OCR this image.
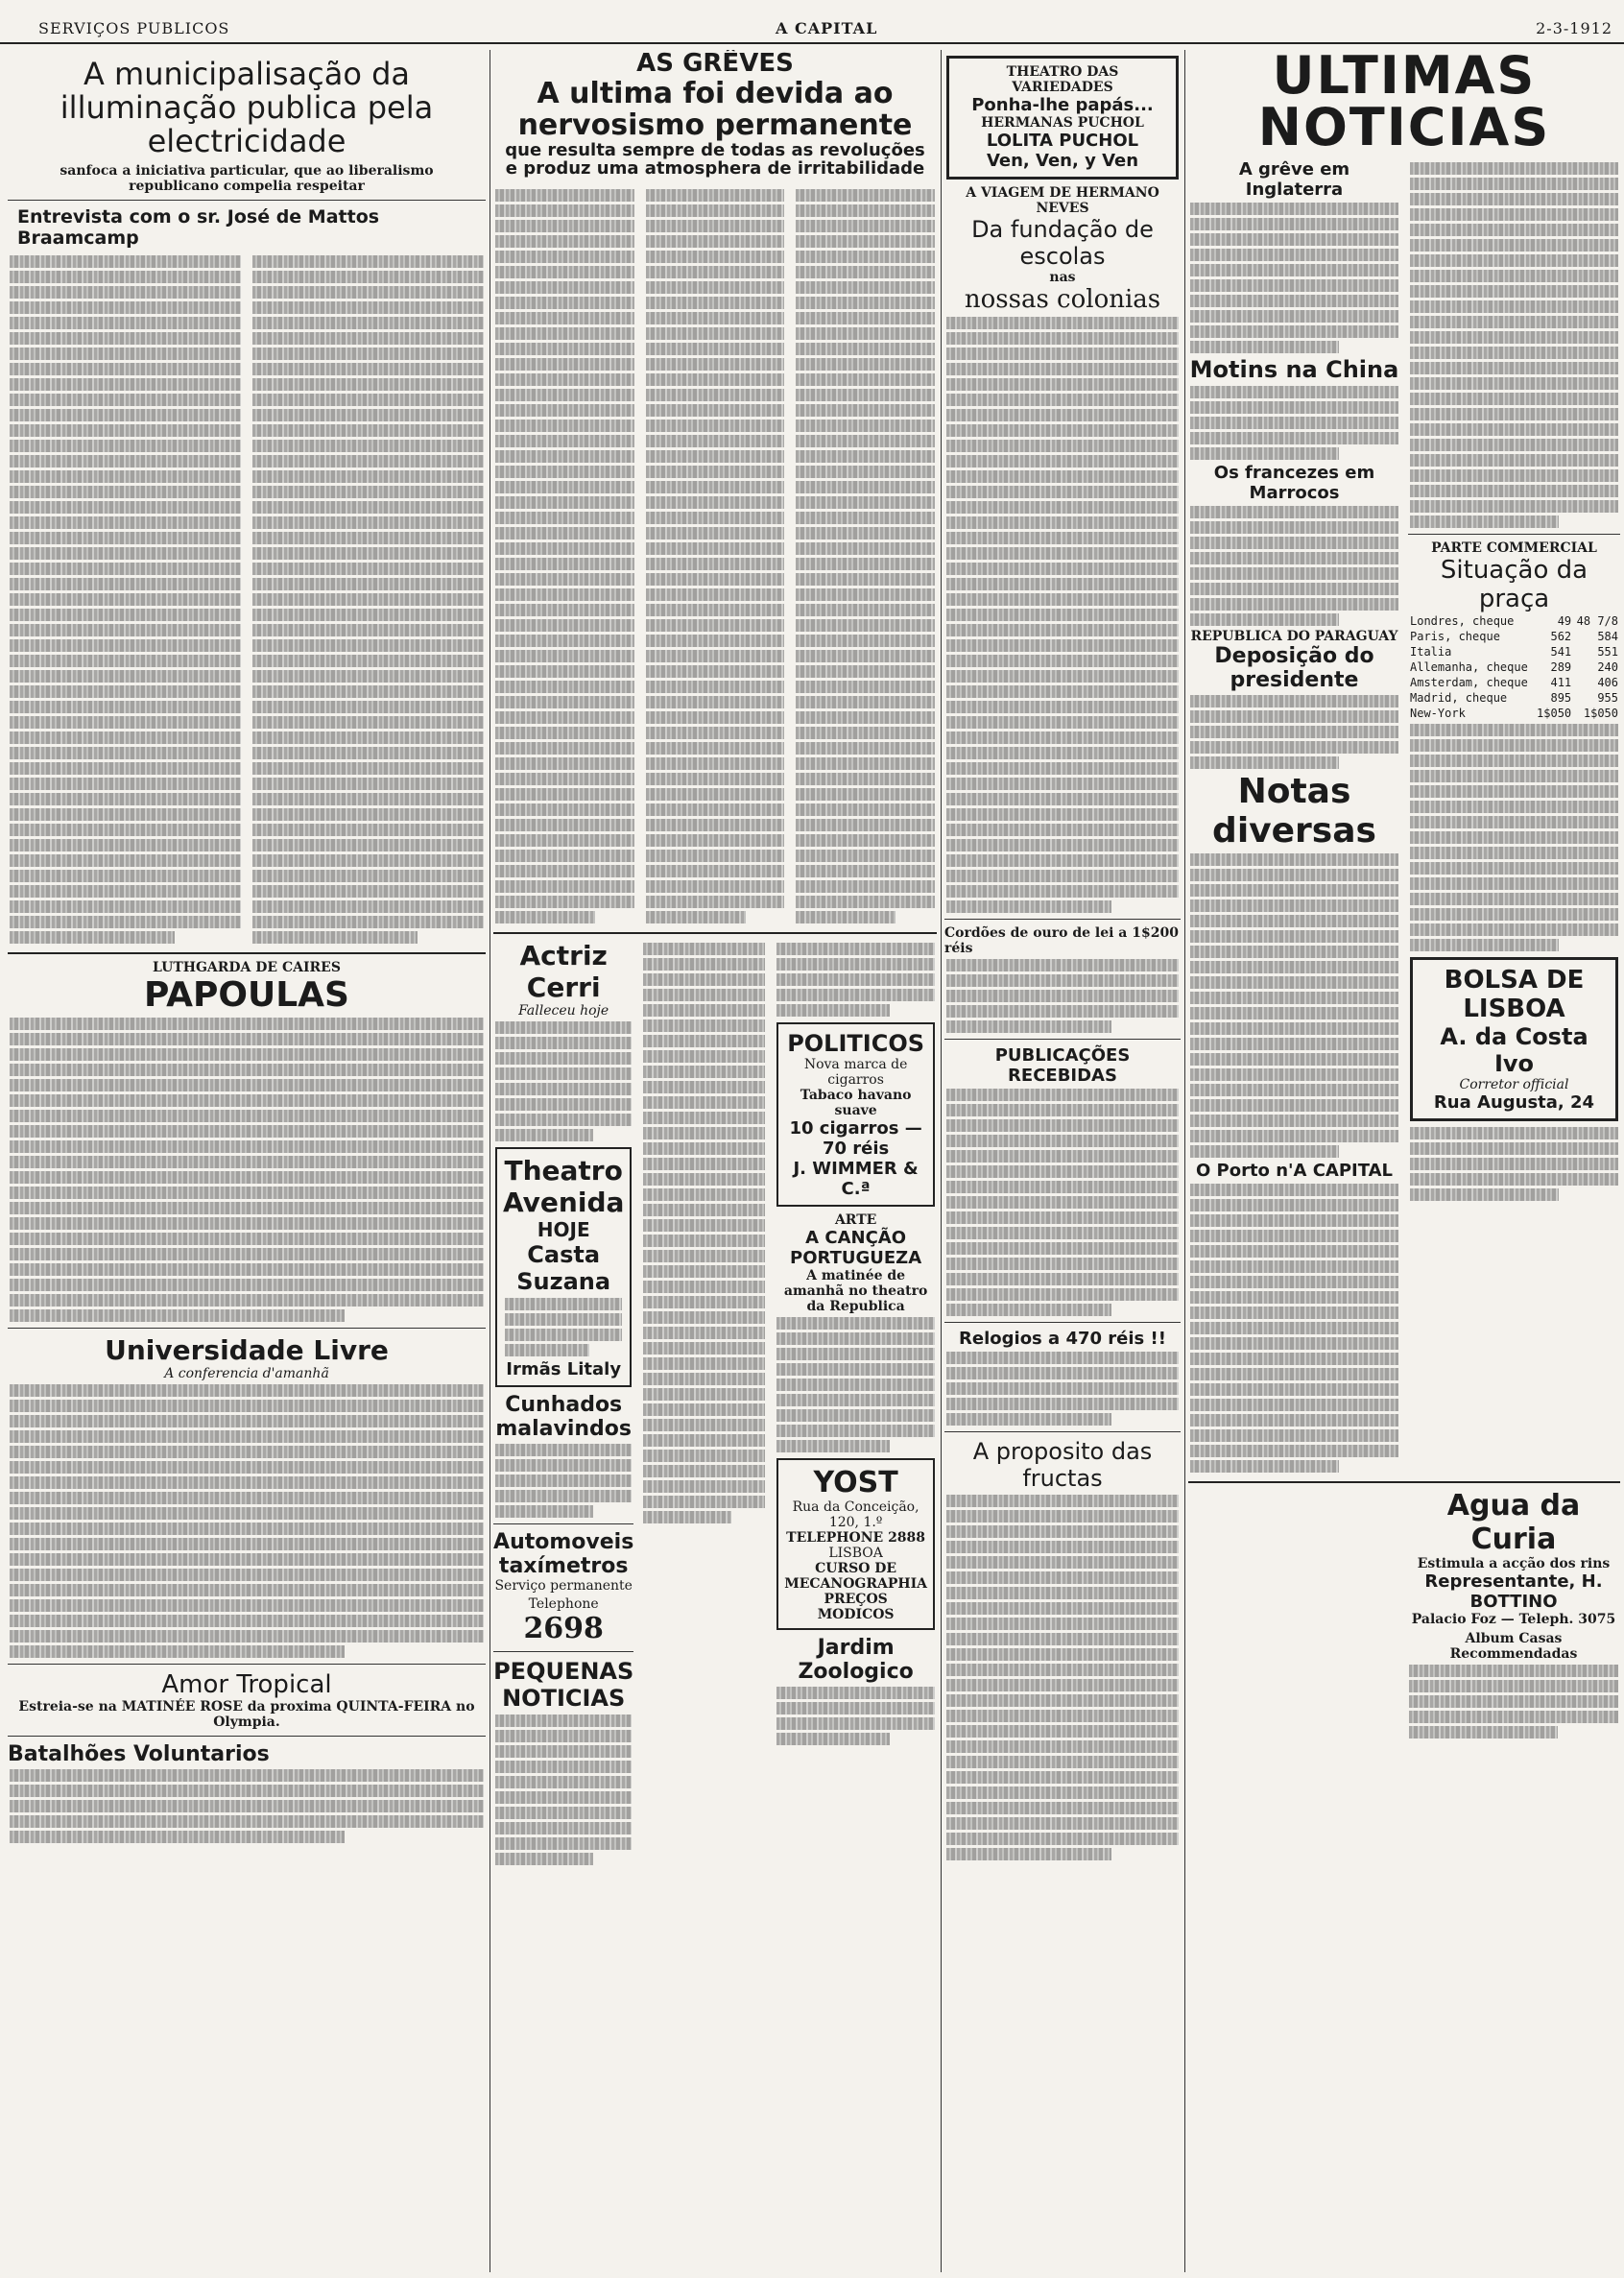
SERVIÇOS PUBLICOS	A CAPITAL	2-3-1912
A municipalisação da illuminação publica pela electricidade
sanfoca a iniciativa particular, que ao liberalismo republicano compelia respeitar
Entrevista com o sr. José de Mattos Braamcamp
LUTHGARDA DE CAIRES
PAPOULAS
Universidade Livre
A conferencia d'amanhã
Amor Tropical
Estreia-se na MATINÉE ROSE da proxima QUINTA-FEIRA no Olympia.
Batalhões Voluntarios
AS GRÊVES
A ultima foi devida ao nervosismo permanente
que resulta sempre de todas as revoluções
e produz uma atmosphera de irritabilidade
Actriz Cerri
Falleceu hoje
Theatro Avenida
HOJE
Casta Suzana
Irmãs Litaly
Cunhados malavindos
Automoveis taxímetros
Serviço permanente
Telephone 2698
PEQUENAS NOTICIAS
POLITICOS
Nova marca de cigarros
Tabaco havano suave
10 cigarros — 70 réis
J. WIMMER & C.ª
ARTE
A CANÇÃO PORTUGUEZA
A matinée de amanhã no theatro da Republica
YOST
Rua da Conceição, 120, 1.º
TELEPHONE 2888
LISBOA
CURSO DE MECANOGRAPHIA
PREÇOS MODICOS
Jardim Zoologico
THEATRO DAS VARIEDADES
Ponha-lhe papás...
HERMANAS PUCHOL
LOLITA PUCHOL
Ven, Ven, y Ven
A VIAGEM DE HERMANO NEVES
Da fundação de escolas
nas
nossas colonias
Cordões de ouro de lei a 1$200 réis
PUBLICAÇÕES RECEBIDAS
Relogios a 470 réis !!
A proposito das fructas
ULTIMAS NOTICIAS
A grêve em Inglaterra
Motins na China
Os francezes em Marrocos
REPUBLICA DO PARAGUAY
Deposição do presidente
Notas diversas
O Porto n'A CAPITAL
PARTE COMMERCIAL
Situação da praça
Londres, cheque	49	48 7/8
Paris, cheque	562	584
Italia	541	551
Allemanha, cheque	289	240
Amsterdam, cheque	411	406
Madrid, cheque	895	955
New-York	1$050	1$050
BOLSA DE LISBOA
A. da Costa Ivo
Corretor official
Rua Augusta, 24
Agua da Curia
Estimula a acção dos rins
Representante, H. BOTTINO
Palacio Foz — Teleph. 3075
Album Casas Recommendadas
